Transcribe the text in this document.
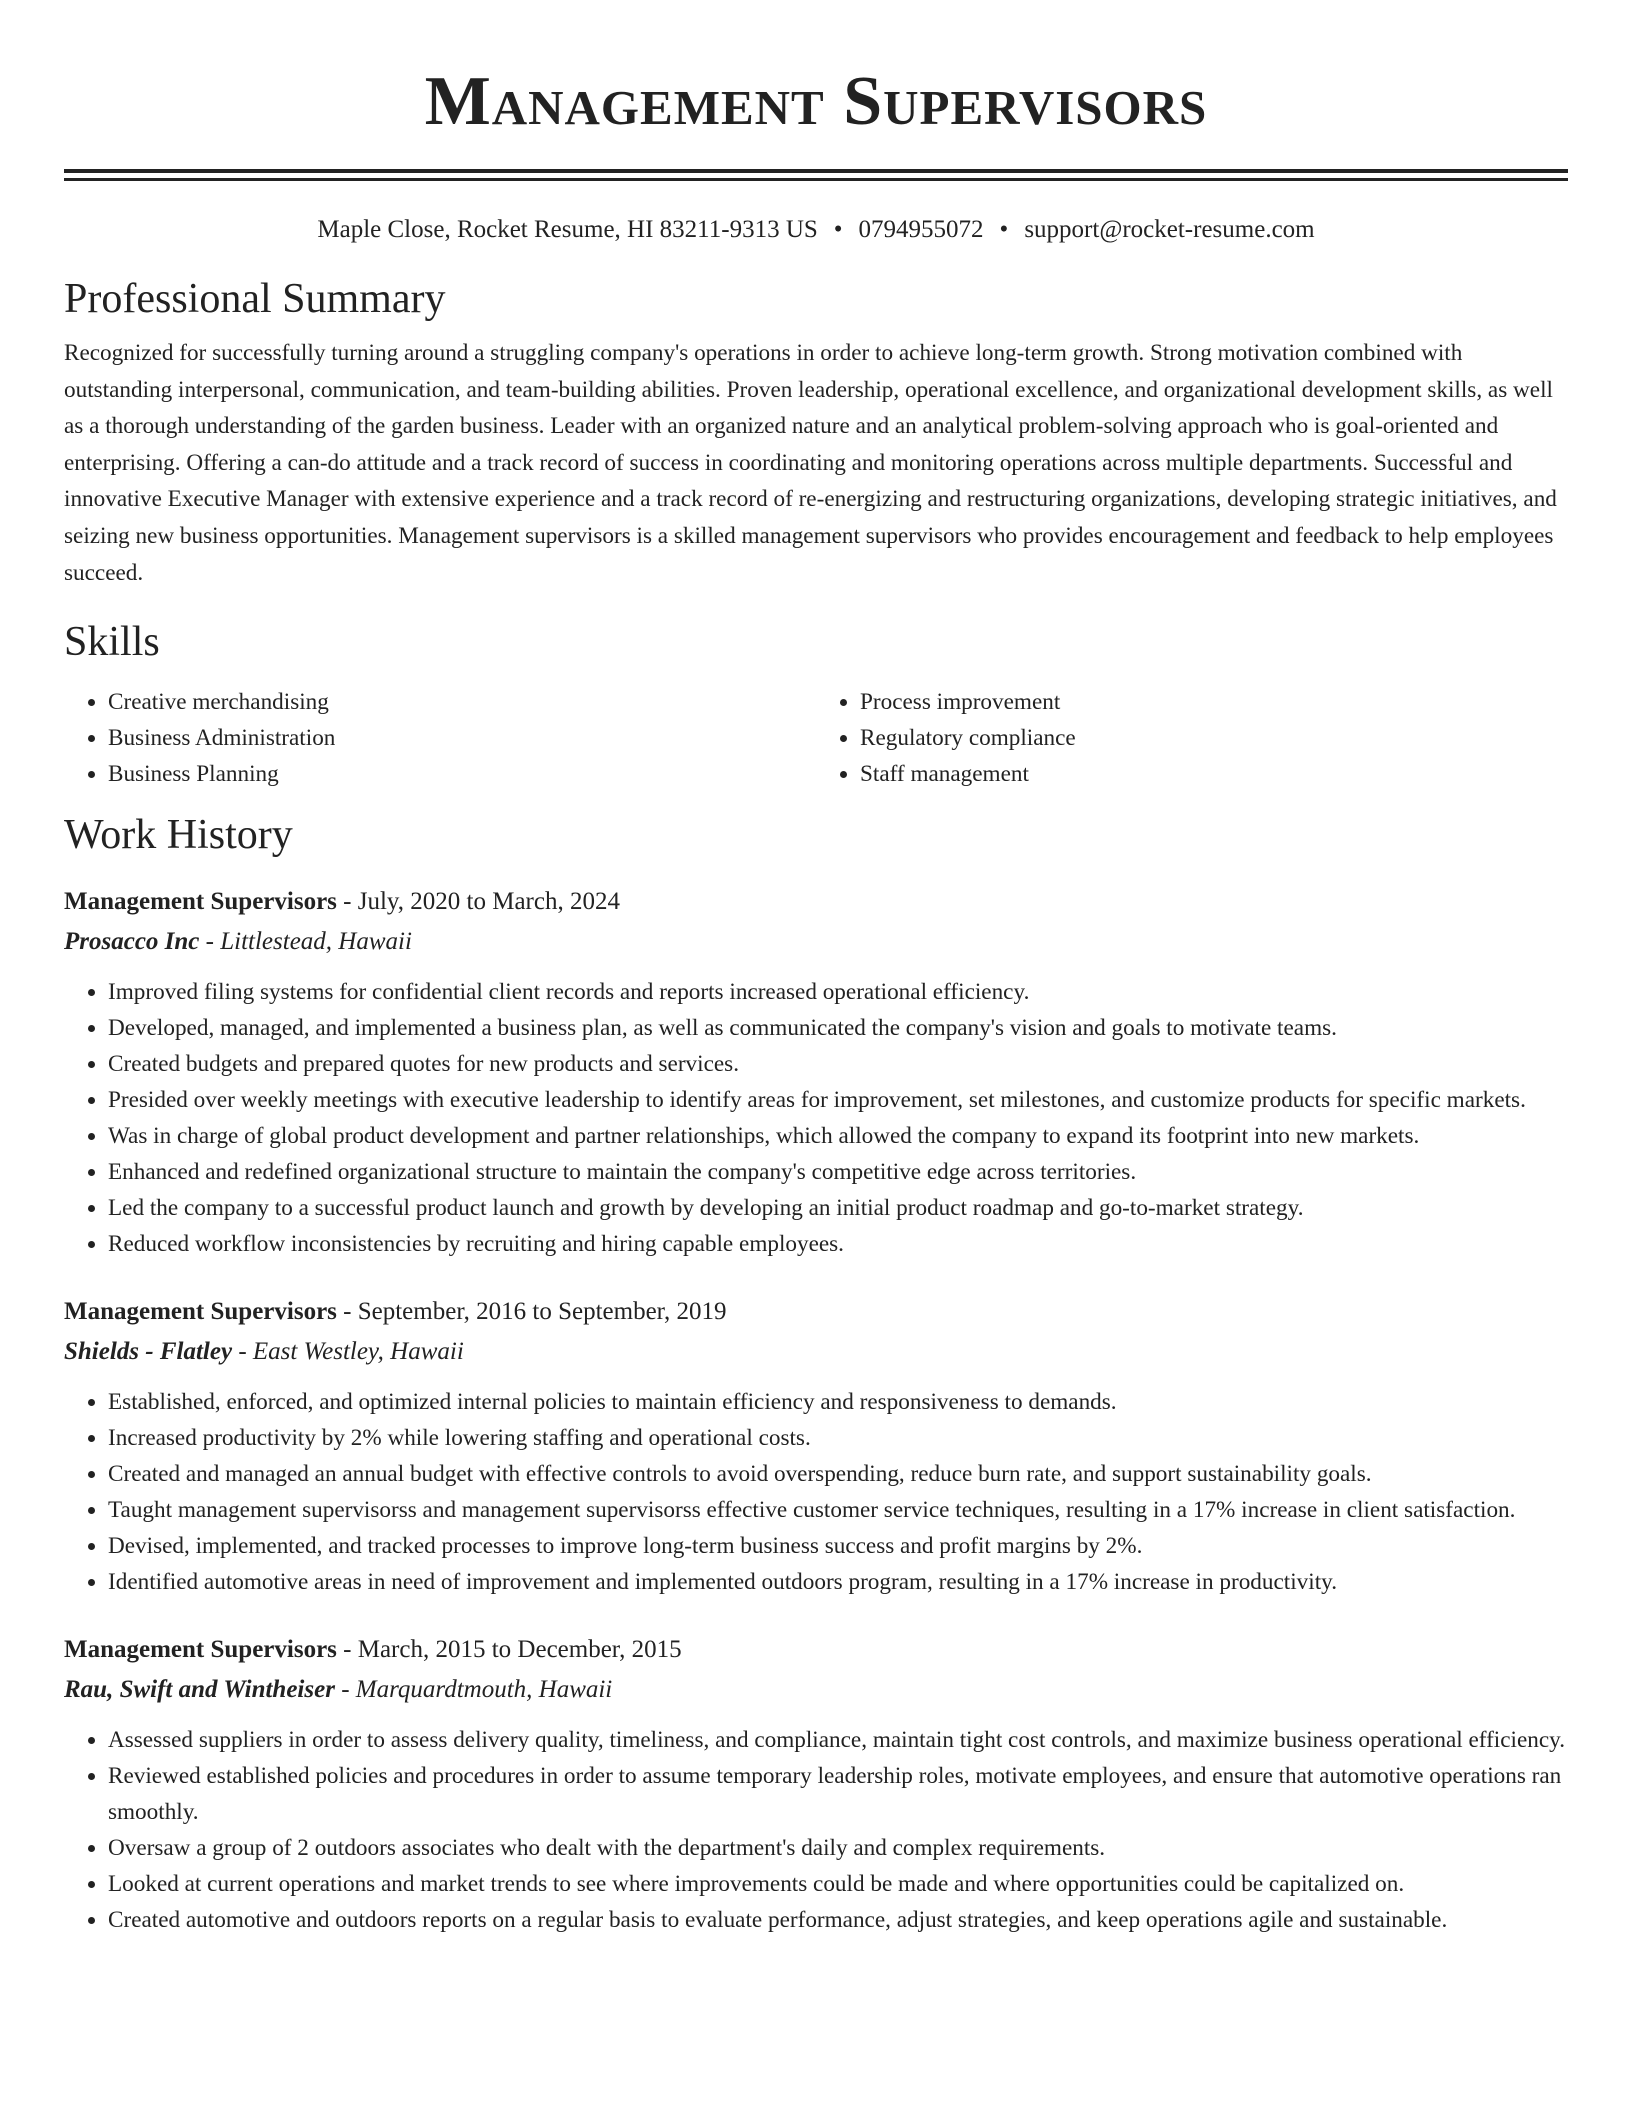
Management Supervisors
Maple Close, Rocket Resume, HI 83211-9313 US • 0794955072 • support@rocket-resume.com
Professional Summary
Recognized for successfully turning around a struggling company's operations in order to achieve long-term growth. Strong motivation combined with outstanding interpersonal, communication, and team-building abilities. Proven leadership, operational excellence, and organizational development skills, as well as a thorough understanding of the garden business. Leader with an organized nature and an analytical problem-solving approach who is goal-oriented and enterprising. Offering a can-do attitude and a track record of success in coordinating and monitoring operations across multiple departments. Successful and innovative Executive Manager with extensive experience and a track record of re-energizing and restructuring organizations, developing strategic initiatives, and seizing new business opportunities. Management supervisors is a skilled management supervisors who provides encouragement and feedback to help employees succeed.
Skills
• Creative merchandising
• Business Administration
• Business Planning
• Process improvement
• Regulatory compliance
• Staff management
Work History
Management Supervisors - July, 2020 to March, 2024
Prosacco Inc - Littlestead, Hawaii
• Improved filing systems for confidential client records and reports increased operational efficiency.
• Developed, managed, and implemented a business plan, as well as communicated the company's vision and goals to motivate teams.
• Created budgets and prepared quotes for new products and services.
• Presided over weekly meetings with executive leadership to identify areas for improvement, set milestones, and customize products for specific markets.
• Was in charge of global product development and partner relationships, which allowed the company to expand its footprint into new markets.
• Enhanced and redefined organizational structure to maintain the company's competitive edge across territories.
• Led the company to a successful product launch and growth by developing an initial product roadmap and go-to-market strategy.
• Reduced workflow inconsistencies by recruiting and hiring capable employees.
Management Supervisors - September, 2016 to September, 2019
Shields - Flatley - East Westley, Hawaii
• Established, enforced, and optimized internal policies to maintain efficiency and responsiveness to demands.
• Increased productivity by 2% while lowering staffing and operational costs.
• Created and managed an annual budget with effective controls to avoid overspending, reduce burn rate, and support sustainability goals.
• Taught management supervisorss and management supervisorss effective customer service techniques, resulting in a 17% increase in client satisfaction.
• Devised, implemented, and tracked processes to improve long-term business success and profit margins by 2%.
• Identified automotive areas in need of improvement and implemented outdoors program, resulting in a 17% increase in productivity.
Management Supervisors - March, 2015 to December, 2015
Rau, Swift and Wintheiser - Marquardtmouth, Hawaii
• Assessed suppliers in order to assess delivery quality, timeliness, and compliance, maintain tight cost controls, and maximize business operational efficiency.
• Reviewed established policies and procedures in order to assume temporary leadership roles, motivate employees, and ensure that automotive operations ran smoothly.
• Oversaw a group of 2 outdoors associates who dealt with the department's daily and complex requirements.
• Looked at current operations and market trends to see where improvements could be made and where opportunities could be capitalized on.
• Created automotive and outdoors reports on a regular basis to evaluate performance, adjust strategies, and keep operations agile and sustainable.
